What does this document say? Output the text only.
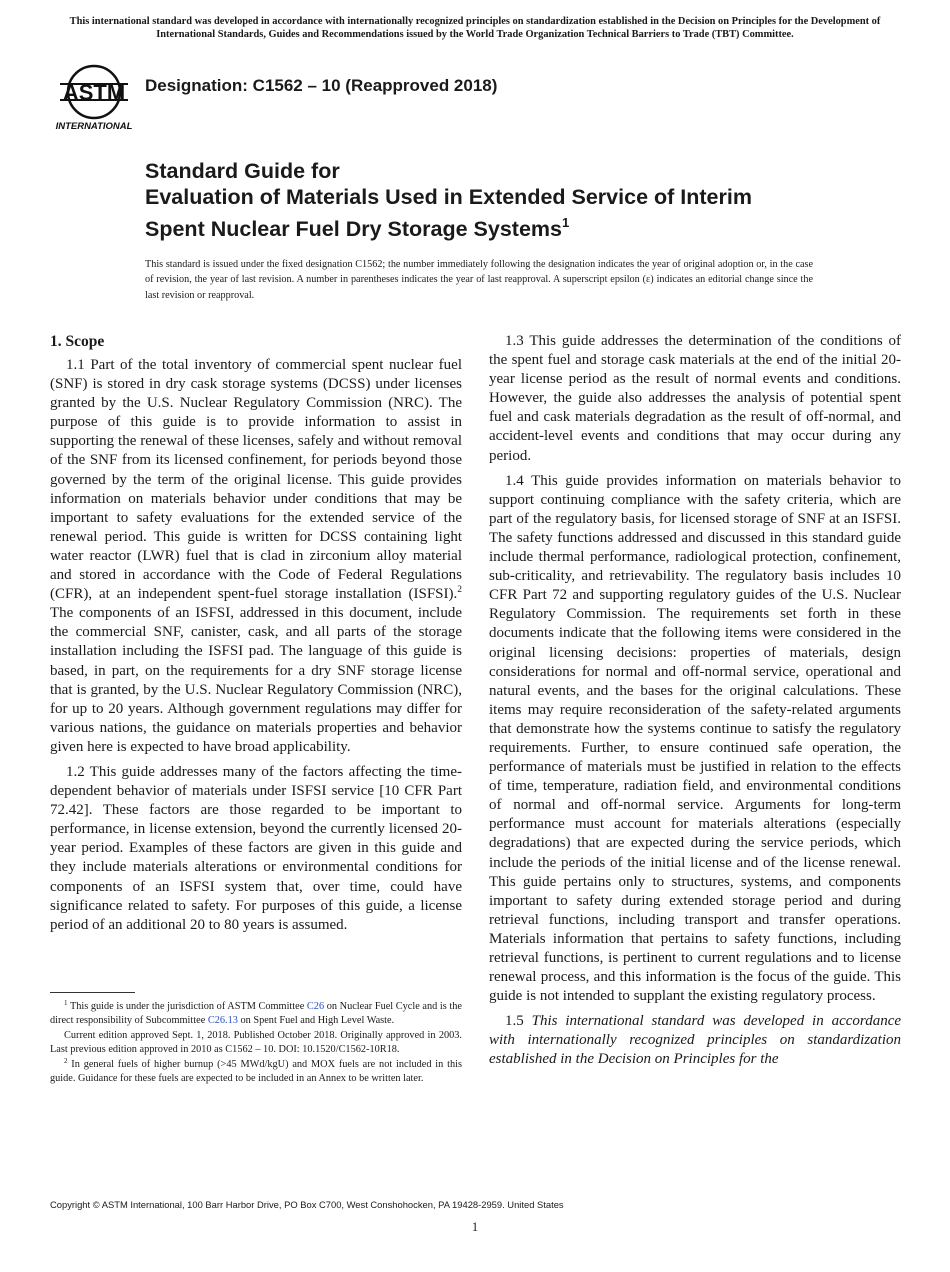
This international standard was developed in accordance with internationally recognized principles on standardization established in the Decision on Principles for the Development of International Standards, Guides and Recommendations issued by the World Trade Organization Technical Barriers to Trade (TBT) Committee.
ASTM
INTERNATIONAL
Designation: C1562 – 10 (Reapproved 2018)
Standard Guide for
Evaluation of Materials Used in Extended Service of Interim
Spent Nuclear Fuel Dry Storage Systems$^1$
This standard is issued under the fixed designation C1562; the number immediately following the designation indicates the year of original adoption or, in the case of revision, the year of last revision. A number in parentheses indicates the year of last reapproval. A superscript epsilon (ε) indicates an editorial change since the last revision or reapproval.
1. Scope

1.1 Part of the total inventory of commercial spent nuclear fuel (SNF) is stored in dry cask storage systems (DCSS) under licenses granted by the U.S. Nuclear Regulatory Commission (NRC). The purpose of this guide is to provide information to assist in supporting the renewal of these licenses, safely and without removal of the SNF from its licensed confinement, for periods beyond those governed by the term of the original license. This guide provides information on materials behavior under conditions that may be important to safety evaluations for the extended service of the renewal period. This guide is written for DCSS containing light water reactor (LWR) fuel that is clad in zirconium alloy material and stored in accordance with the Code of Federal Regulations (CFR), at an independent spent-fuel storage installation (ISFSI).$^2$ The components of an ISFSI, addressed in this document, include the commercial SNF, canister, cask, and all parts of the storage installation including the ISFSI pad. The language of this guide is based, in part, on the requirements for a dry SNF storage license that is granted, by the U.S. Nuclear Regulatory Commission (NRC), for up to 20 years. Although government regulations may differ for various nations, the guidance on materials properties and behavior given here is expected to have broad applicability.

1.2 This guide addresses many of the factors affecting the time-dependent behavior of materials under ISFSI service [10 CFR Part 72.42]. These factors are those regarded to be important to performance, in license extension, beyond the currently licensed 20-year period. Examples of these factors are given in this guide and they include materials alterations or environmental conditions for components of an ISFSI system that, over time, could have significance related to safety. For purposes of this guide, a license period of an additional 20 to 80 years is assumed.

$^1$ This guide is under the jurisdiction of ASTM Committee C26 on Nuclear Fuel Cycle and is the direct responsibility of Subcommittee C26.13 on Spent Fuel and High Level Waste.

Current edition approved Sept. 1, 2018. Published October 2018. Originally approved in 2003. Last previous edition approved in 2010 as C1562 – 10. DOI: 10.1520/C1562-10R18.

$^2$ In general fuels of higher burnup (>45 MWd/kgU) and MOX fuels are not included in this guide. Guidance for these fuels are expected to be included in an Annex to be written later.

1.3 This guide addresses the determination of the conditions of the spent fuel and storage cask materials at the end of the initial 20-year license period as the result of normal events and conditions. However, the guide also addresses the analysis of potential spent fuel and cask materials degradation as the result of off-normal, and accident-level events and conditions that may occur during any period.

1.4 This guide provides information on materials behavior to support continuing compliance with the safety criteria, which are part of the regulatory basis, for licensed storage of SNF at an ISFSI. The safety functions addressed and discussed in this standard guide include thermal performance, radiological protection, confinement, sub-criticality, and retrievability. The regulatory basis includes 10 CFR Part 72 and supporting regulatory guides of the U.S. Nuclear Regulatory Commission. The requirements set forth in these documents indicate that the following items were considered in the original licensing decisions: properties of materials, design considerations for normal and off-normal service, operational and natural events, and the bases for the original calculations. These items may require reconsideration of the safety-related arguments that demonstrate how the systems continue to satisfy the regulatory requirements. Further, to ensure continued safe operation, the performance of materials must be justified in relation to the effects of time, temperature, radiation field, and environmental conditions of normal and off-normal service. Arguments for long-term performance must account for materials alterations (especially degradations) that are expected during the service periods, which include the periods of the initial license and of the license renewal. This guide pertains only to structures, systems, and components important to safety during extended storage period and during retrieval functions, including transport and transfer operations. Materials information that pertains to safety functions, including retrieval functions, is pertinent to current regulations and to license renewal process, and this information is the focus of the guide. This guide is not intended to supplant the existing regulatory process.

1.5 This international standard was developed in accordance with internationally recognized principles on standardization established in the Decision on Principles for the

Copyright © ASTM International, 100 Barr Harbor Drive, PO Box C700, West Conshohocken, PA 19428-2959. United States
1
